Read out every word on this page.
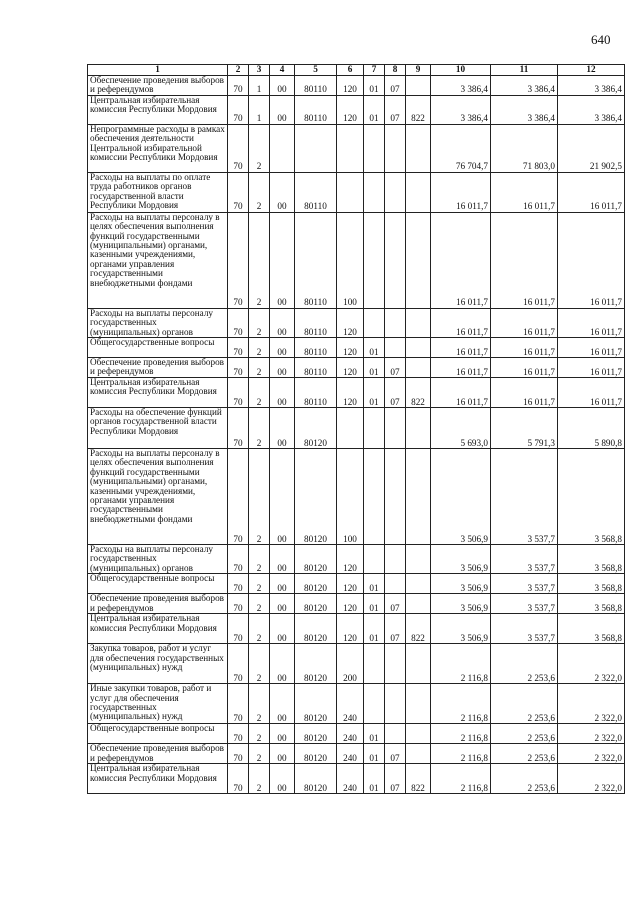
640
1	2	3	4	5	6	7	8	9	10	11	12
Обеспечение проведения выборов и референдумов	70	1	00	80110	120	01	07		3 386,4	3 386,4	3 386,4
Центральная избирательная комиссия Республики Мордовия	70	1	00	80110	120	01	07	822	3 386,4	3 386,4	3 386,4
Непрограммные расходы в рамках обеспечения деятельности Центральной избирательной комиссии Республики Мордовия	70	2							76 704,7	71 803,0	21 902,5
Расходы на выплаты по оплате труда работников органов государственной власти Республики Мордовия	70	2	00	80110					16 011,7	16 011,7	16 011,7
Расходы на выплаты персоналу в целях обеспечения выполнения функций государственными (муниципальными) органами, казенными учреждениями, органами управления государственными внебюджетными фондами	70	2	00	80110	100				16 011,7	16 011,7	16 011,7
Расходы на выплаты персоналу государственных (муниципальных) органов	70	2	00	80110	120				16 011,7	16 011,7	16 011,7
Общегосударственные вопросы	70	2	00	80110	120	01			16 011,7	16 011,7	16 011,7
Обеспечение проведения выборов и референдумов	70	2	00	80110	120	01	07		16 011,7	16 011,7	16 011,7
Центральная избирательная комиссия Республики Мордовия	70	2	00	80110	120	01	07	822	16 011,7	16 011,7	16 011,7
Расходы на обеспечение функций органов государственной власти Республики Мордовия	70	2	00	80120					5 693,0	5 791,3	5 890,8
Расходы на выплаты персоналу в целях обеспечения выполнения функций государственными (муниципальными) органами, казенными учреждениями, органами управления государственными внебюджетными фондами	70	2	00	80120	100				3 506,9	3 537,7	3 568,8
Расходы на выплаты персоналу государственных (муниципальных) органов	70	2	00	80120	120				3 506,9	3 537,7	3 568,8
Общегосударственные вопросы	70	2	00	80120	120	01			3 506,9	3 537,7	3 568,8
Обеспечение проведения выборов и референдумов	70	2	00	80120	120	01	07		3 506,9	3 537,7	3 568,8
Центральная избирательная комиссия Республики Мордовия	70	2	00	80120	120	01	07	822	3 506,9	3 537,7	3 568,8
Закупка товаров, работ и услуг для обеспечения государственных (муниципальных) нужд	70	2	00	80120	200				2 116,8	2 253,6	2 322,0
Иные закупки товаров, работ и услуг для обеспечения государственных (муниципальных) нужд	70	2	00	80120	240				2 116,8	2 253,6	2 322,0
Общегосударственные вопросы	70	2	00	80120	240	01			2 116,8	2 253,6	2 322,0
Обеспечение проведения выборов и референдумов	70	2	00	80120	240	01	07		2 116,8	2 253,6	2 322,0
Центральная избирательная комиссия Республики Мордовия	70	2	00	80120	240	01	07	822	2 116,8	2 253,6	2 322,0
